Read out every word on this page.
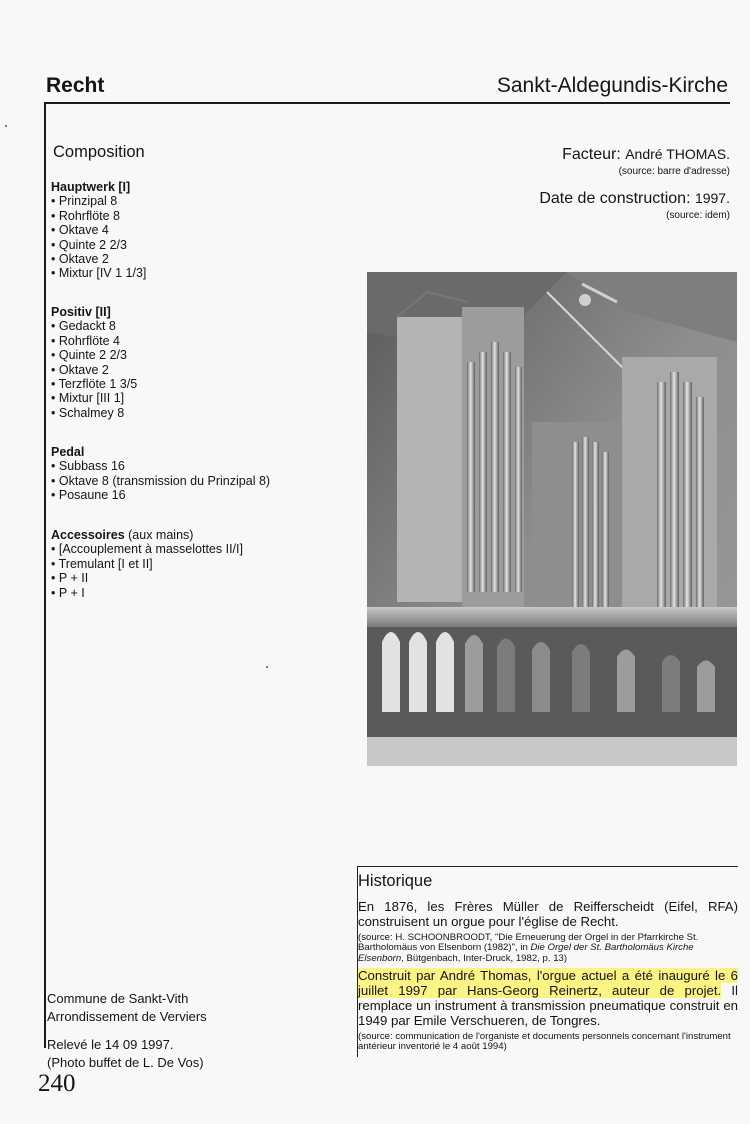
Recht	Sankt-Aldegundis-Kirche
Composition
Hauptwerk [I]
• Prinzipal 8
• Rohrflöte 8
• Oktave 4
• Quinte 2 2/3
• Oktave 2
• Mixtur [IV 1 1/3]
Positiv [II]
• Gedackt 8
• Rohrflöte 4
• Quinte 2 2/3
• Oktave 2
• Terzflöte 1 3/5
• Mixtur [III 1]
• Schalmey 8
Pedal
• Subbass 16
• Oktave 8 (transmission du Prinzipal 8)
• Posaune 16
Accessoires (aux mains)
• [Accouplement à masselottes II/I]
• Tremulant [I et II]
• P + II
• P + I
Facteur: André THOMAS.
(source: barre d'adresse)
Date de construction: 1997.
(source: idem)
Historique
En 1876, les Frères Müller de Reifferscheidt (Eifel, RFA) construisent un orgue pour l'église de Recht.
(source: H. SCHOONBROODT, "Die Erneuerung der Orgel in der Pfarrkirche St. Bartholomäus von Elsenborn (1982)", in Die Orgel der St. Bartholomäus Kirche Elsenborn, Bütgenbach, Inter-Druck, 1982, p. 13)
Construit par André Thomas, l'orgue actuel a été inauguré le 6 juillet 1997 par Hans-Georg Reinertz, auteur de projet. Il remplace un instrument à transmission pneumatique construit en 1949 par Emile Verschueren, de Tongres.
(source: communication de l'organiste et documents personnels concernant l'instrument antérieur inventorié le 4 août 1994)
Commune de Sankt-Vith
Arrondissement de Verviers
Relevé le 14 09 1997.
(Photo buffet de L. De Vos)
240
